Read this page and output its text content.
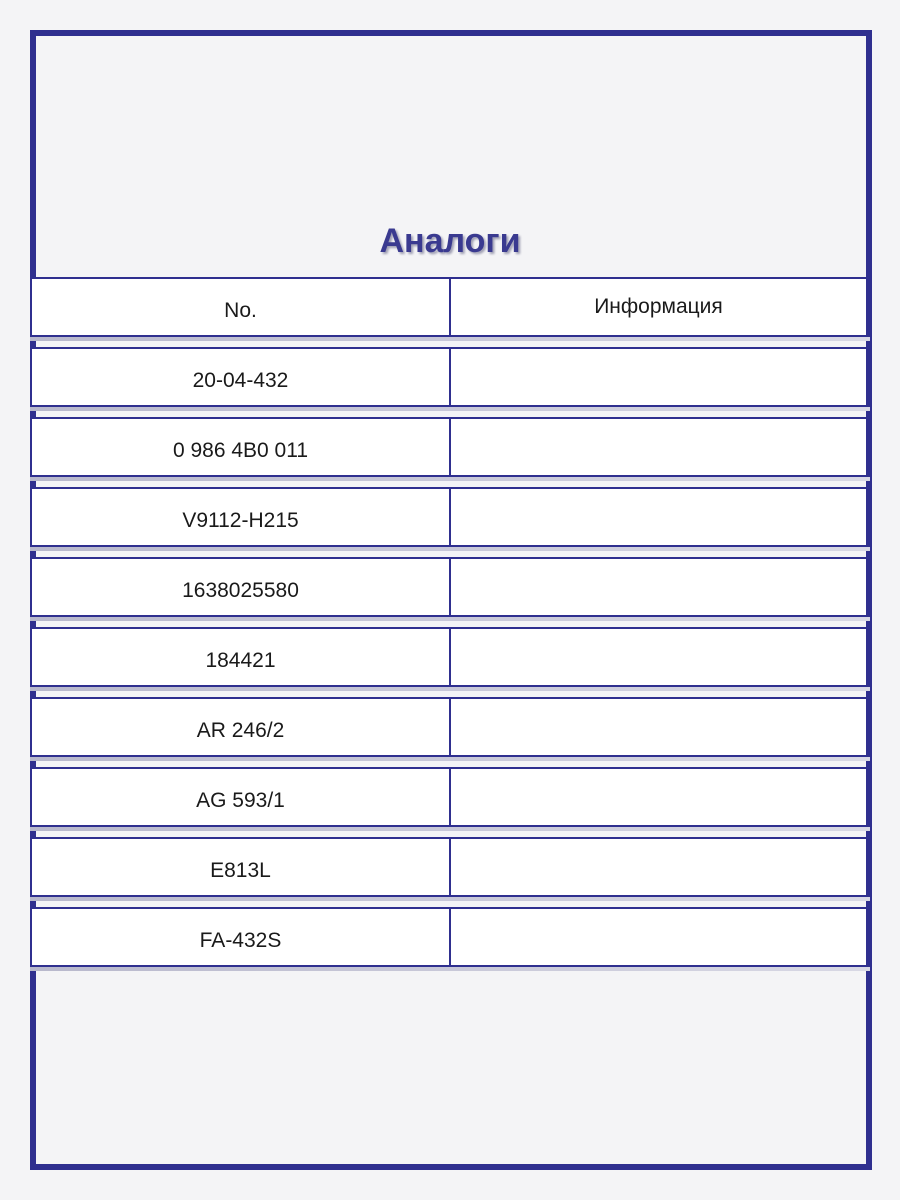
Аналоги
No.	Информация
20-04-432
0 986 4B0 011
V9112-H215
1638025580
184421
AR 246/2
AG 593/1
E813L
FA-432S
